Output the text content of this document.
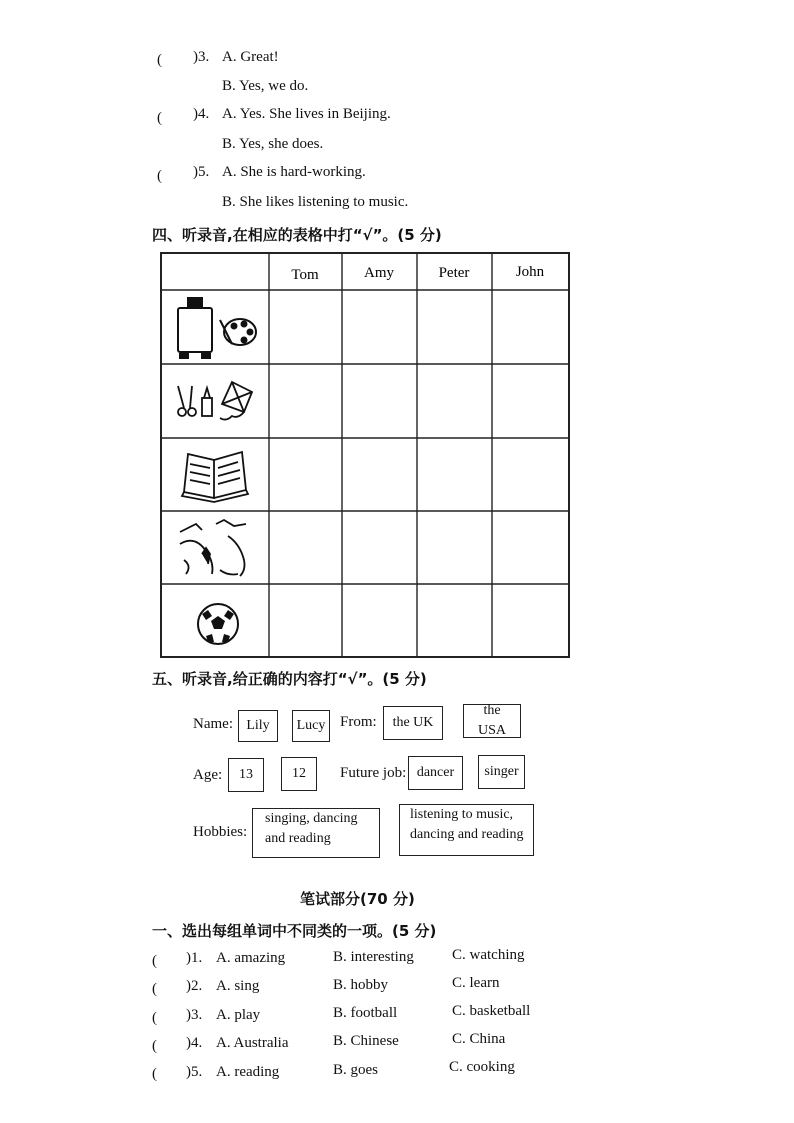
( )3. A. Great!
B. Yes, we do.
( )4. A. Yes. She lives in Beijing.
B. Yes, she does.
( )5. A. She is hard-working.
B. She likes listening to music.
四、听录音,在相应的表格中打“√”。(5 分)
Tom	Amy	Peter	John
五、听录音,给正确的内容打“√”。(5 分)
Name: Lily Lucy From: the UK
the USA
Age: 13	12 Future job: dancer singer
Hobbies:
singing, dancing
and reading
listening to music,
dancing and reading
笔试部分(70 分)
一、选出每组单词中不同类的一项。(5 分)
( )1. A. amazing	B. interesting	C. watching
( )2. A. sing	B. hobby	C. learn
( )3. A. play	B. football	C. basketball
( )4. A. Australia	B. Chinese	C. China
( )5. A. reading	B. goes	C. cooking
